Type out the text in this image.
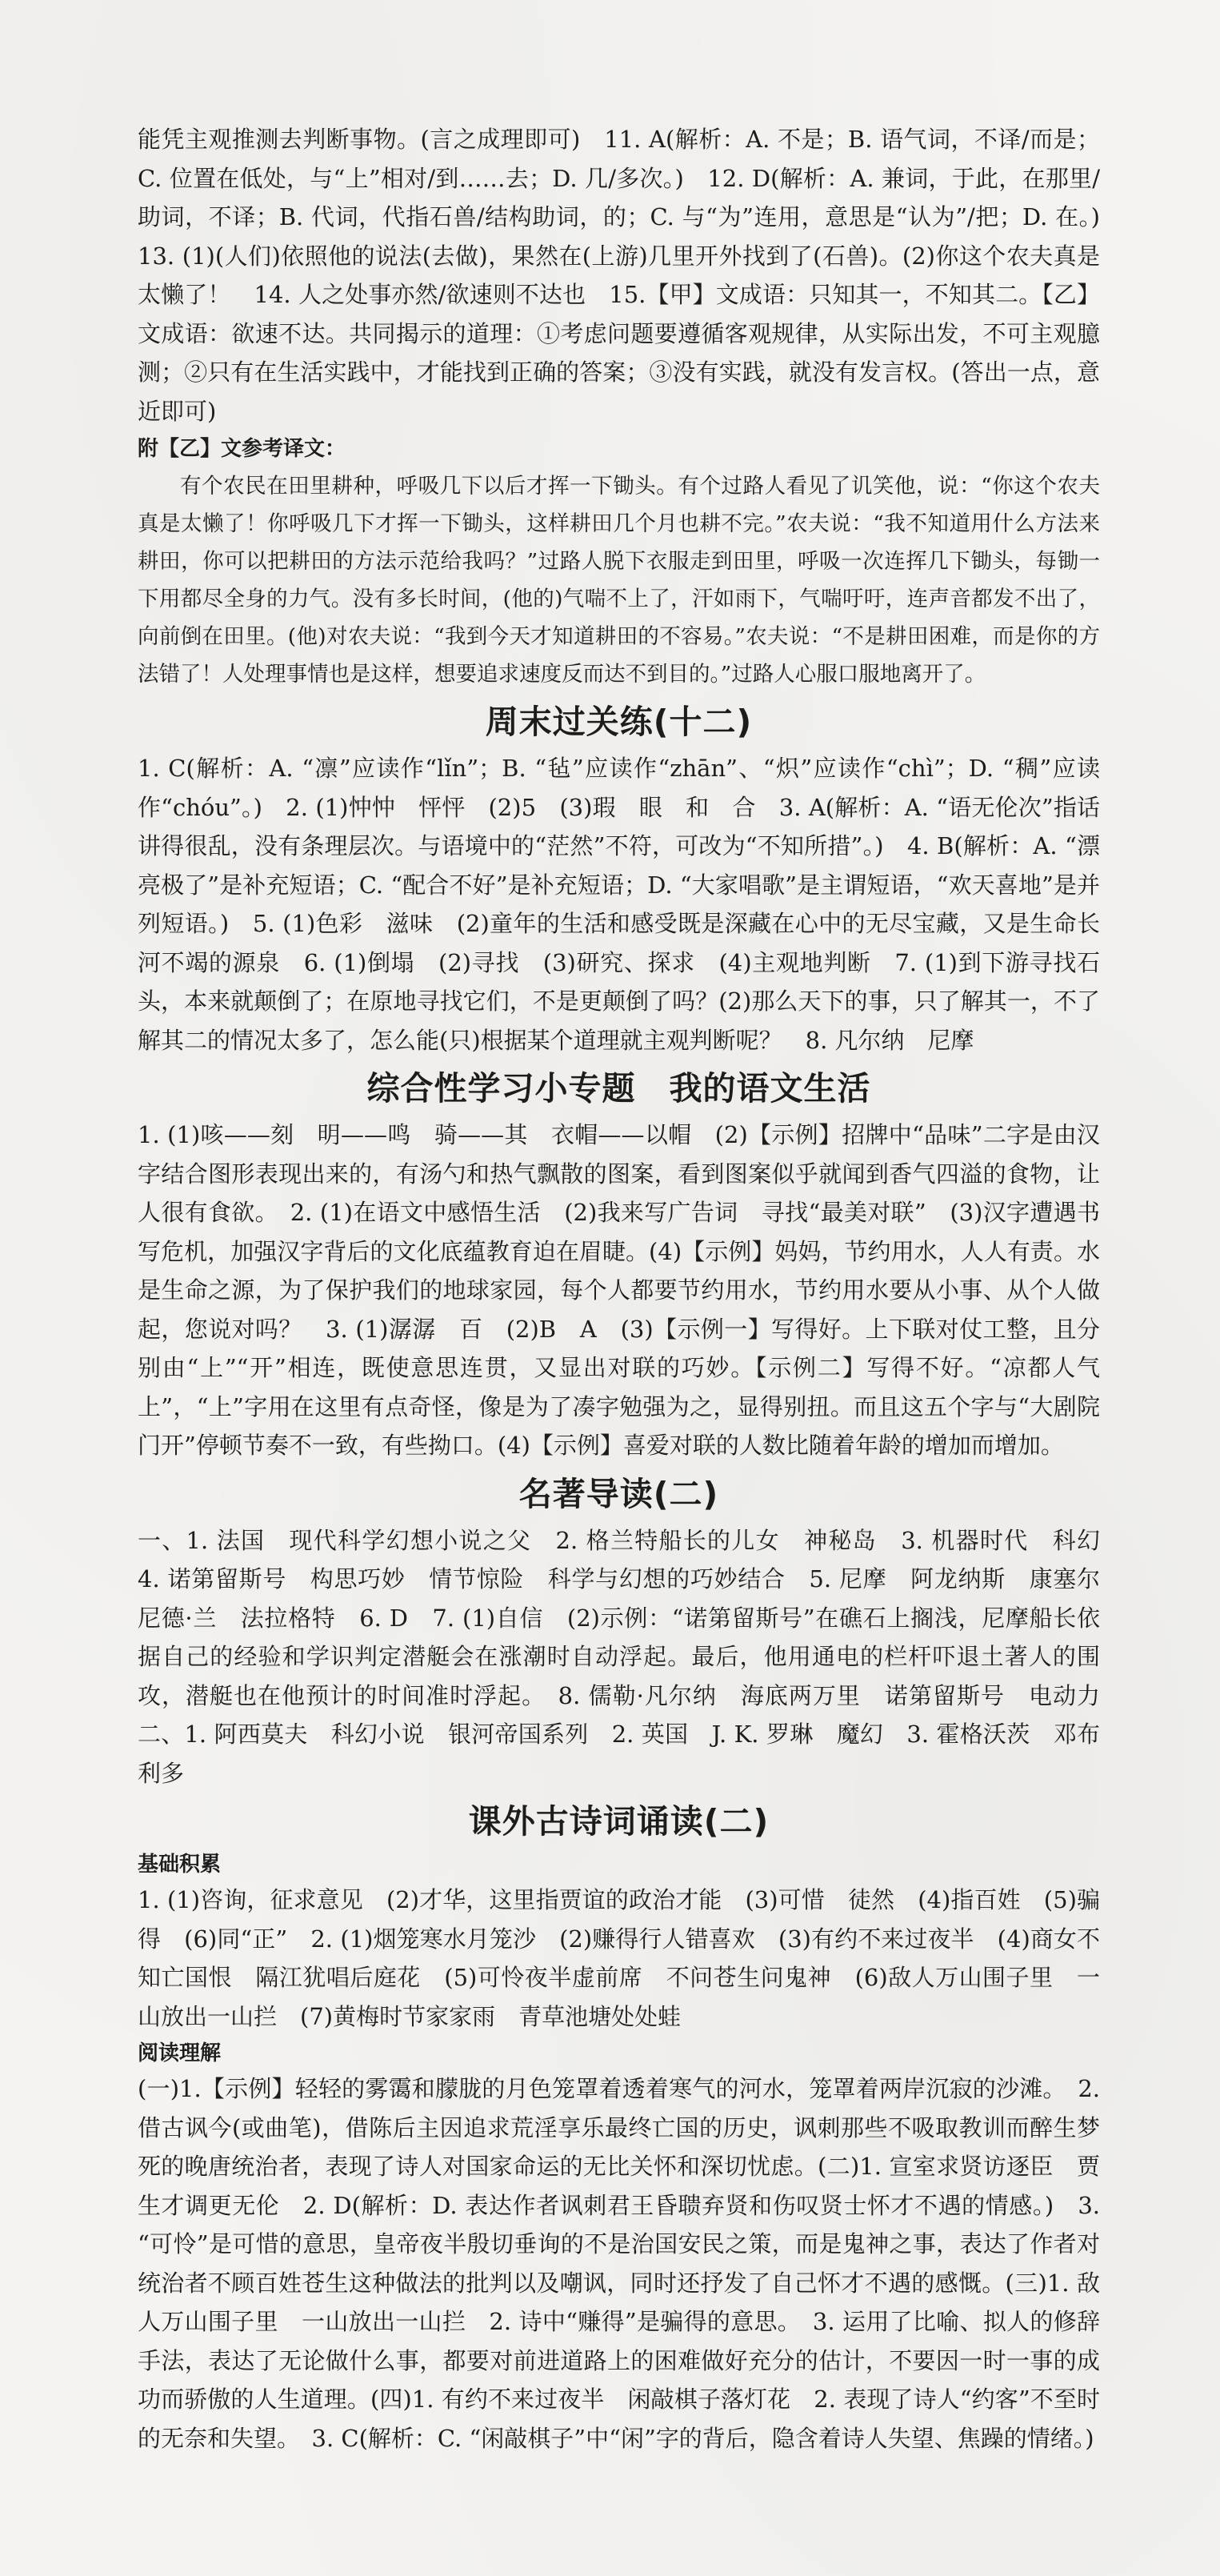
能凭主观推测去判断事物。(言之成理即可)　11. A(解析：A. 不是；B. 语气词，不译/而是；C. 位置在低处，与“上”相对/到……去；D. 几/多次。)　12. D(解析：A. 兼词，于此，在那里/助词，不译；B. 代词，代指石兽/结构助词，的；C. 与“为”连用，意思是“认为”/把；D. 在。)　13. (1)(人们)依照他的说法(去做)，果然在(上游)几里开外找到了(石兽)。(2)你这个农夫真是太懒了！　14. 人之处事亦然/欲速则不达也　15.【甲】文成语：只知其一，不知其二。【乙】文成语：欲速不达。共同揭示的道理：①考虑问题要遵循客观规律，从实际出发，不可主观臆测；②只有在生活实践中，才能找到正确的答案；③没有实践，就没有发言权。(答出一点，意近即可)

附【乙】文参考译文：

有个农民在田里耕种，呼吸几下以后才挥一下锄头。有个过路人看见了讥笑他，说：“你这个农夫真是太懒了！你呼吸几下才挥一下锄头，这样耕田几个月也耕不完。”农夫说：“我不知道用什么方法来耕田，你可以把耕田的方法示范给我吗？”过路人脱下衣服走到田里，呼吸一次连挥几下锄头，每锄一下用都尽全身的力气。没有多长时间，(他的)气喘不上了，汗如雨下，气喘吁吁，连声音都发不出了，向前倒在田里。(他)对农夫说：“我到今天才知道耕田的不容易。”农夫说：“不是耕田困难，而是你的方法错了！人处理事情也是这样，想要追求速度反而达不到目的。”过路人心服口服地离开了。

周末过关练(十二)

1. C(解析：A. “凛”应读作“lǐn”；B. “毡”应读作“zhān”、“炽”应读作“chì”；D. “稠”应读作“chóu”。)　2. (1)忡忡　怦怦　(2)5　(3)瑕　眼　和　合　3. A(解析：A. “语无伦次”指话讲得很乱，没有条理层次。与语境中的“茫然”不符，可改为“不知所措”。)　4. B(解析：A. “漂亮极了”是补充短语；C. “配合不好”是补充短语；D. “大家唱歌”是主谓短语，“欢天喜地”是并列短语。)　5. (1)色彩　滋味　(2)童年的生活和感受既是深藏在心中的无尽宝藏，又是生命长河不竭的源泉　6. (1)倒塌　(2)寻找　(3)研究、探求　(4)主观地判断　7. (1)到下游寻找石头，本来就颠倒了；在原地寻找它们，不是更颠倒了吗？(2)那么天下的事，只了解其一，不了解其二的情况太多了，怎么能(只)根据某个道理就主观判断呢？　8. 凡尔纳　尼摩

综合性学习小专题　我的语文生活

1. (1)咳——刻　明——鸣　骑——其　衣帽——以帽　(2)【示例】招牌中“品味”二字是由汉字结合图形表现出来的，有汤勺和热气飘散的图案，看到图案似乎就闻到香气四溢的食物，让人很有食欲。　2. (1)在语文中感悟生活　(2)我来写广告词　寻找“最美对联”　(3)汉字遭遇书写危机，加强汉字背后的文化底蕴教育迫在眉睫。(4)【示例】妈妈，节约用水，人人有责。水是生命之源，为了保护我们的地球家园，每个人都要节约用水，节约用水要从小事、从个人做起，您说对吗？　3. (1)潺潺　百　(2)B　A　(3)【示例一】写得好。上下联对仗工整，且分别由“上”“开”相连，既使意思连贯，又显出对联的巧妙。【示例二】写得不好。“凉都人气上”，“上”字用在这里有点奇怪，像是为了凑字勉强为之，显得别扭。而且这五个字与“大剧院门开”停顿节奏不一致，有些拗口。(4)【示例】喜爱对联的人数比随着年龄的增加而增加。

名著导读(二)

一、1. 法国　现代科学幻想小说之父　2. 格兰特船长的儿女　神秘岛　3. 机器时代　科幻　4. 诺第留斯号　构思巧妙　情节惊险　科学与幻想的巧妙结合　5. 尼摩　阿龙纳斯　康塞尔　尼德·兰　法拉格特　6. D　7. (1)自信　(2)示例：“诺第留斯号”在礁石上搁浅，尼摩船长依据自己的经验和学识判定潜艇会在涨潮时自动浮起。最后，他用通电的栏杆吓退土著人的围攻，潜艇也在他预计的时间准时浮起。　8. 儒勒·凡尔纳　海底两万里　诺第留斯号　电动力　二、1. 阿西莫夫　科幻小说　银河帝国系列　2. 英国　J. K. 罗琳　魔幻　3. 霍格沃茨　邓布利多

课外古诗词诵读(二)
基础积累

1. (1)咨询，征求意见　(2)才华，这里指贾谊的政治才能　(3)可惜　徒然　(4)指百姓　(5)骗得　(6)同“正”　2. (1)烟笼寒水月笼沙　(2)赚得行人错喜欢　(3)有约不来过夜半　(4)商女不知亡国恨　隔江犹唱后庭花　(5)可怜夜半虚前席　不问苍生问鬼神　(6)敌人万山围子里　一山放出一山拦　(7)黄梅时节家家雨　青草池塘处处蛙

阅读理解

(一)1.【示例】轻轻的雾霭和朦胧的月色笼罩着透着寒气的河水，笼罩着两岸沉寂的沙滩。　2. 借古讽今(或曲笔)，借陈后主因追求荒淫享乐最终亡国的历史，讽刺那些不吸取教训而醉生梦死的晚唐统治者，表现了诗人对国家命运的无比关怀和深切忧虑。(二)1. 宣室求贤访逐臣　贾生才调更无伦　2. D(解析：D. 表达作者讽刺君王昏聩弃贤和伤叹贤士怀才不遇的情感。)　3. “可怜”是可惜的意思，皇帝夜半殷切垂询的不是治国安民之策，而是鬼神之事，表达了作者对统治者不顾百姓苍生这种做法的批判以及嘲讽，同时还抒发了自己怀才不遇的感慨。(三)1. 敌人万山围子里　一山放出一山拦　2. 诗中“赚得”是骗得的意思。　3. 运用了比喻、拟人的修辞手法，表达了无论做什么事，都要对前进道路上的困难做好充分的估计，不要因一时一事的成功而骄傲的人生道理。(四)1. 有约不来过夜半　闲敲棋子落灯花　2. 表现了诗人“约客”不至时的无奈和失望。　3. C(解析：C. “闲敲棋子”中“闲”字的背后，隐含着诗人失望、焦躁的情绪。)
